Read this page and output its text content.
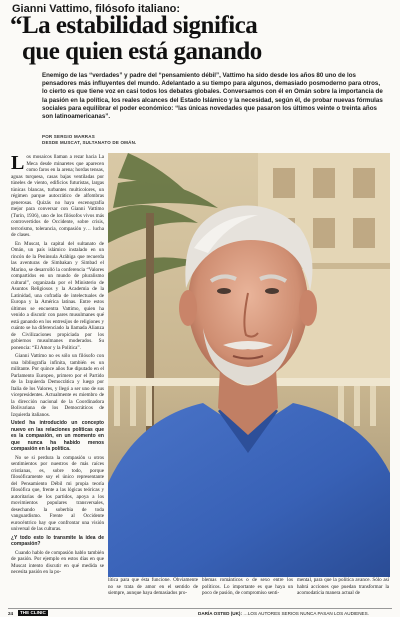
Gianni Vattimo, filósofo italiano:
“La estabilidad significa
que quien está ganando
Enemigo de las “verdades” y padre del “pensamiento débil”, Vattimo ha sido desde los años 80 uno de los pensadores más influyentes del mundo. Adelantado a su tiempo para algunos, demasiado posmoderno para otros, lo cierto es que tiene voz en casi todos los debates globales. Conversamos con él en Omán sobre la importancia de la pasión en la política, los reales alcances del Estado Islámico y la necesidad, según él, de probar nuevas fórmulas sociales para equilibrar el poder económico: “las únicas novedades que pasaron los últimos veinte o treinta años son latinoamericanas”.
POR SERGIO MARRAS
DESDE MUSCAT, SULTANATO DE OMÁN.

Los mosaicos llaman a rezar hacia La Meca desde minaretes que aparecen como faros en la arena; hordas tensas, aguas turquesa, casas bajas ventiladas por túneles de viento, edificios futuristas, largas túnicas blancas, turbantes multicolores, un régimen parque autocrático de alfombras generosas. Quizás no haya escenografía mejor para conversar con Gianni Vattimo (Turín, 1936), uno de los filósofos vivos más controvertidos de Occidente, sobre crisis, terrorismo, tolerancia, compasión y… lucha de clases.

En Muscat, la capital del sultanato de Omán, un país islámico instalado en un rincón de la Península Arábiga que recuerda las aventuras de Simbakan y Simbad el Marino, se desarrolló la conferencia “Valores compartidos en un mundo de pluralismo cultural”, organizada por el Ministerio de Asuntos Religiosos y la Academia de la Latinidad, una cofradía de intelectuales de Europa y la América latinas. Entre estos últimos se encuentra Vattimo, quien ha venido a discutir con pares musulmanes qué está ganando en los entresijos de religiones y cuánto se ha diferenciado la llamada Alianza de Civilizaciones propiciada por los gobiernos musulmanes moderados. Su ponencia: “El Amor y la Política”.

Gianni Vattimo no es sólo un filósofo con una bibliografía infinita, también es un militante. Por quince años fue diputado en el Parlamento Europeo, primero por el Partido de la Izquierda Democrática y luego por Italia de los Valores, y llegó a ser uno de sus vicepresidentes. Actualmente es miembro de la dirección nacional de la Coordinadora Bolivariana de los Democráticos de Izquierda italianos.

Usted ha introducido un concepto nuevo en las relaciones políticas que es la compasión, en un momento en que nunca ha habido menos compasión en la política.

No se si perdura la compasión u otros sentimientos por nuestros de más raíces cristianas, es, sobre todo, porque filosóficamente soy el único representante del Pensamiento Débil mi propia teoría filosófica que, frente a las lógicas teóricas y autoritarias de los partidos, apoya a los movimientos populares transversales, desechando la soberbia de toda vanguardismo. Frente al Occidente eurocéntrico hay que confrontar una visión universal de las culturas.

¿Y todo esto lo transmite la idea de compasión?

Cuando hablo de compasión hablo también de pasión. Por ejemplo en estos días en que Muscat intento discutir en qué medida se necesita pasión en la po-

lítica para que ésta funcione. Obviamente no se trata de amor en el sentido de siempre, aunque haya demasiados pro-
blemas románticos o de sexo entre los políticos. Lo importante es que haya un poco de pasión, de compromiso senti-
mental, para que la política avance. Sólo así habrá acciones que puedan transformar la acomodaticia manera actual de
24	THE CLINIC	DARÍA OSTED (UK): …LOS AUTORES SERIOS NUNCA PASAN LOS AUDIENES.
